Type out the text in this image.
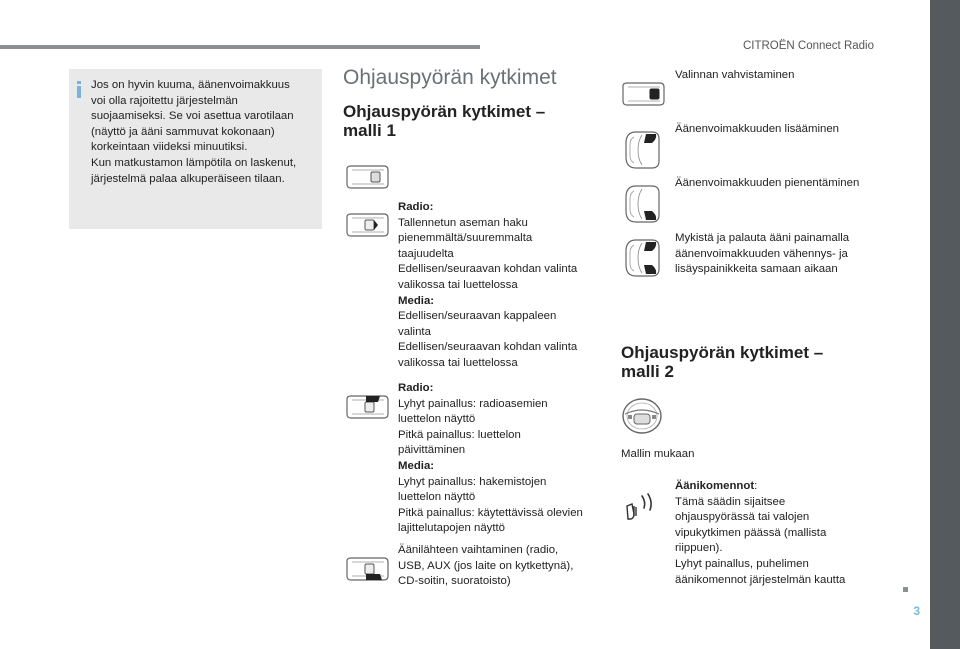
CITROËN Connect Radio
3
Jos on hyvin kuuma, äänenvoimakkuus
voi olla rajoitettu järjestelmän
suojaamiseksi. Se voi asettua varotilaan
(näyttö ja ääni sammuvat kokonaan)
korkeintaan viideksi minuutiksi.
Kun matkustamon lämpötila on laskenut,
järjestelmä palaa alkuperäiseen tilaan.
Ohjauspyörän kytkimet
Ohjauspyörän kytkimet –
malli 1
Radio:
Tallennetun aseman haku
pienemmältä/suuremmalta
taajuudelta
Edellisen/seuraavan kohdan valinta
valikossa tai luettelossa
Media:
Edellisen/seuraavan kappaleen
valinta
Edellisen/seuraavan kohdan valinta
valikossa tai luettelossa
Radio:
Lyhyt painallus: radioasemien
luettelon näyttö
Pitkä painallus: luettelon
päivittäminen
Media:
Lyhyt painallus: hakemistojen
luettelon näyttö
Pitkä painallus: käytettävissä olevien
lajittelutapojen näyttö
Äänilähteen vaihtaminen (radio,
USB, AUX (jos laite on kytkettynä),
CD-soitin, suoratoisto)
Valinnan vahvistaminen
Äänenvoimakkuuden lisääminen
Äänenvoimakkuuden pienentäminen
Mykistä ja palauta ääni painamalla
äänenvoimakkuuden vähennys- ja
lisäyspainikkeita samaan aikaan
Ohjauspyörän kytkimet –
malli 2
Mallin mukaan
Äänikomennot:
Tämä säädin sijaitsee
ohjauspyörässä tai valojen
vipukytkimen päässä (mallista
riippuen).
Lyhyt painallus, puhelimen
äänikomennot järjestelmän kautta
